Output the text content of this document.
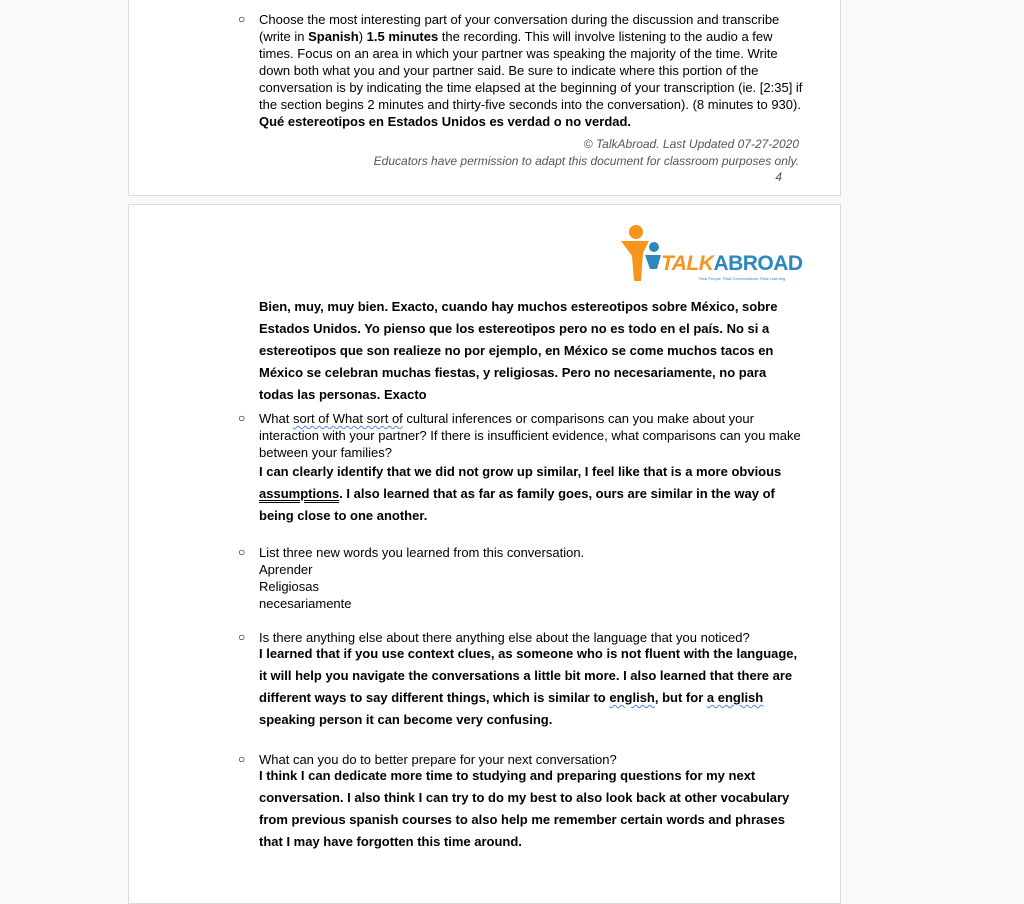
○ Choose the most interesting part of your conversation during the discussion and transcribe (write in Spanish) 1.5 minutes the recording. This will involve listening to the audio a few times. Focus on an area in which your partner was speaking the majority of the time. Write down both what you and your partner said. Be sure to indicate where this portion of the conversation is by indicating the time elapsed at the beginning of your transcription (ie. [2:35] if the section begins 2 minutes and thirty-five seconds into the conversation). (8 minutes to 930).
Qué estereotipos en Estados Unidos es verdad o no verdad.
© TalkAbroad. Last Updated 07-27-2020
Educators have permission to adapt this document for classroom purposes only.
4
TALKABROAD
Real People. Real Conversations. Real Learning.
Bien, muy, muy bien. Exacto, cuando hay muchos estereotipos sobre México, sobre Estados Unidos. Yo pienso que los estereotipos pero no es todo en el país. No si a estereotipos que son realieze no por ejemplo, en México se come muchos tacos en México se celebran muchas fiestas, y religiosas. Pero no necesariamente, no para todas las personas. Exacto
○ What sort of What sort of cultural inferences or comparisons can you make about your interaction with your partner? If there is insufficient evidence, what comparisons can you make between your families?
I can clearly identify that we did not grow up similar, I feel like that is a more obvious assumptions. I also learned that as far as family goes, ours are similar in the way of being close to one another.
○ List three new words you learned from this conversation.
Aprender
Religiosas
necesariamente
○ Is there anything else about there anything else about the language that you noticed?
I learned that if you use context clues, as someone who is not fluent with the language, it will help you navigate the conversations a little bit more. I also learned that there are different ways to say different things, which is similar to english, but for a english speaking person it can become very confusing.
○ What can you do to better prepare for your next conversation?
I think I can dedicate more time to studying and preparing questions for my next conversation. I also think I can try to do my best to also look back at other vocabulary from previous spanish courses to also help me remember certain words and phrases that I may have forgotten this time around.
